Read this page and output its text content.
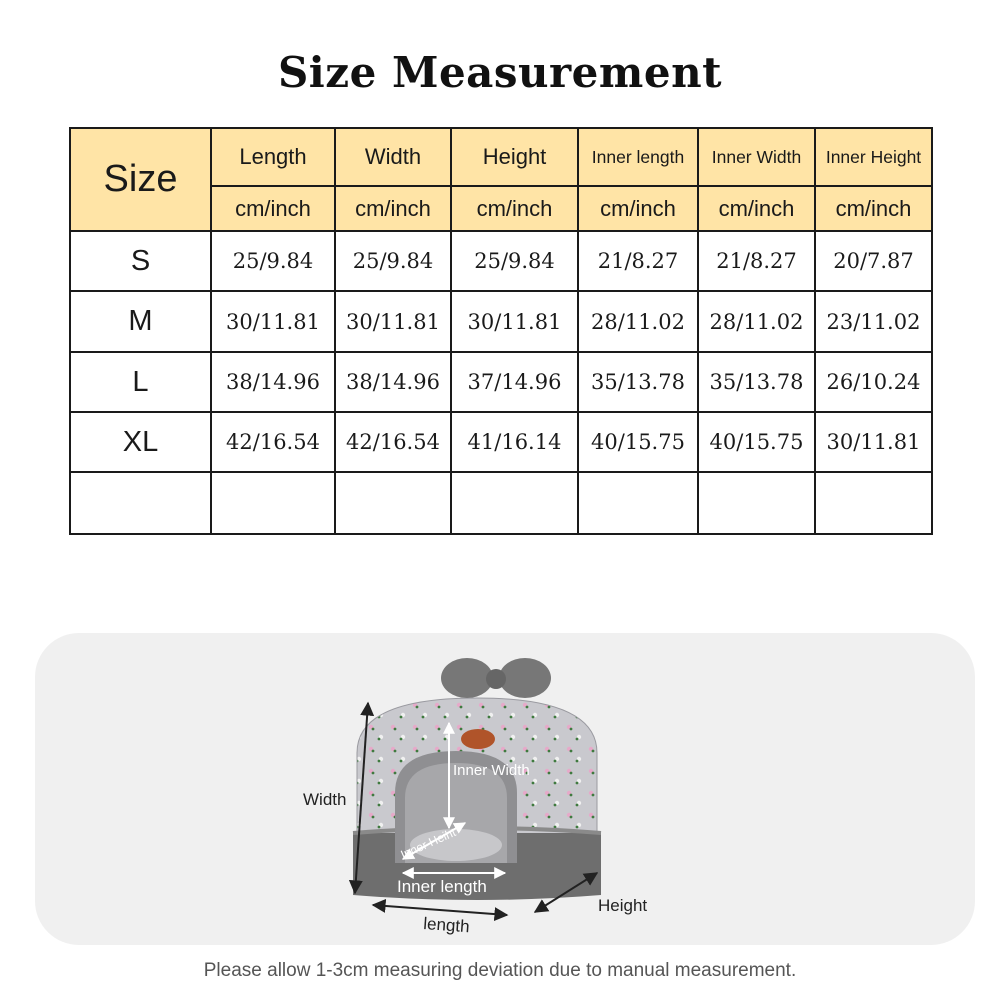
Size Measurement
Size	Length	Width	Height	Inner length	Inner Width	Inner Height
	cm/inch	cm/inch	cm/inch	cm/inch	cm/inch	cm/inch
S	25/9.84	25/9.84	25/9.84	21/8.27	21/8.27	20/7.87
M	30/11.81	30/11.81	30/11.81	28/11.02	28/11.02	23/11.02
L	38/14.96	38/14.96	37/14.96	35/13.78	35/13.78	26/10.24
XL	42/16.54	42/16.54	41/16.14	40/15.75	40/15.75	30/11.81

Width
Inner Width
Inner Heiht
Inner length
length
Height
Please allow 1-3cm measuring deviation due to manual measurement.
